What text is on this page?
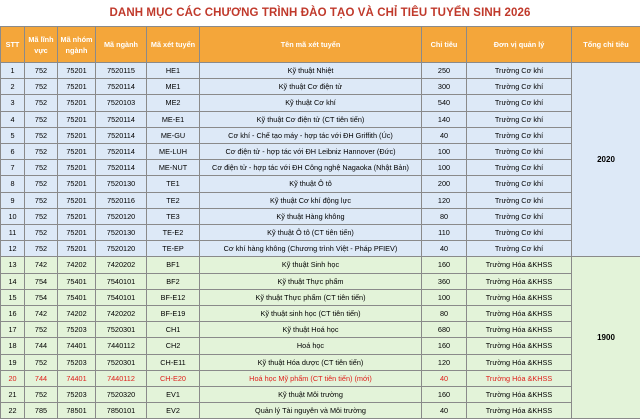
DANH MỤC CÁC CHƯƠNG TRÌNH ĐÀO TẠO VÀ CHỈ TIÊU TUYỂN SINH 2026
STT	Mã lĩnh vực	Mã nhóm ngành	Mã ngành	Mã xét tuyển	Tên mã xét tuyển	Chỉ tiêu	Đơn vị quản lý	Tổng chỉ tiêu
1	752	75201	7520115	HE1	Kỹ thuật Nhiệt	250	Trường Cơ khí	2020
2	752	75201	7520114	ME1	Kỹ thuật Cơ điện tử	300	Trường Cơ khí	
3	752	75201	7520103	ME2	Kỹ thuật Cơ khí	540	Trường Cơ khí	
4	752	75201	7520114	ME-E1	Kỹ thuật Cơ điện tử (CT tiên tiến)	140	Trường Cơ khí	
5	752	75201	7520114	ME-GU	Cơ khí - Chế tạo máy - hợp tác với ĐH Griffith (Úc)	40	Trường Cơ khí	
6	752	75201	7520114	ME-LUH	Cơ điện tử - hợp tác với ĐH Leibniz Hannover (Đức)	100	Trường Cơ khí	
7	752	75201	7520114	ME-NUT	Cơ điện tử - hợp tác với ĐH Công nghệ Nagaoka (Nhật Bản)	100	Trường Cơ khí	
8	752	75201	7520130	TE1	Kỹ thuật Ô tô	200	Trường Cơ khí	
9	752	75201	7520116	TE2	Kỹ thuật Cơ khí động lực	120	Trường Cơ khí	
10	752	75201	7520120	TE3	Kỹ thuật Hàng không	80	Trường Cơ khí	
11	752	75201	7520130	TE-E2	Kỹ thuật Ô tô (CT tiên tiến)	110	Trường Cơ khí	
12	752	75201	7520120	TE-EP	Cơ khí hàng không (Chương trình Việt - Pháp PFIEV)	40	Trường Cơ khí	
13	742	74202	7420202	BF1	Kỹ thuật Sinh học	160	Trường Hóa &KHSS	1900
14	754	75401	7540101	BF2	Kỹ thuật Thực phẩm	360	Trường Hóa &KHSS	
15	754	75401	7540101	BF-E12	Kỹ thuật Thực phẩm (CT tiên tiến)	100	Trường Hóa &KHSS	
16	742	74202	7420202	BF-E19	Kỹ thuật sinh học (CT tiên tiến)	80	Trường Hóa &KHSS	
17	752	75203	7520301	CH1	Kỹ thuật Hoá học	680	Trường Hóa &KHSS	
18	744	74401	7440112	CH2	Hoá học	160	Trường Hóa &KHSS	
19	752	75203	7520301	CH-E11	Kỹ thuật Hóa dược (CT tiên tiến)	120	Trường Hóa &KHSS	
20	744	74401	7440112	CH-E20	Hoá học Mỹ phẩm (CT tiên tiến) (mới)	40	Trường Hóa &KHSS	
21	752	75203	7520320	EV1	Kỹ thuật Môi trường	160	Trường Hóa &KHSS	
22	785	78501	7850101	EV2	Quản lý Tài nguyên và Môi trường	40	Trường Hóa &KHSS	
